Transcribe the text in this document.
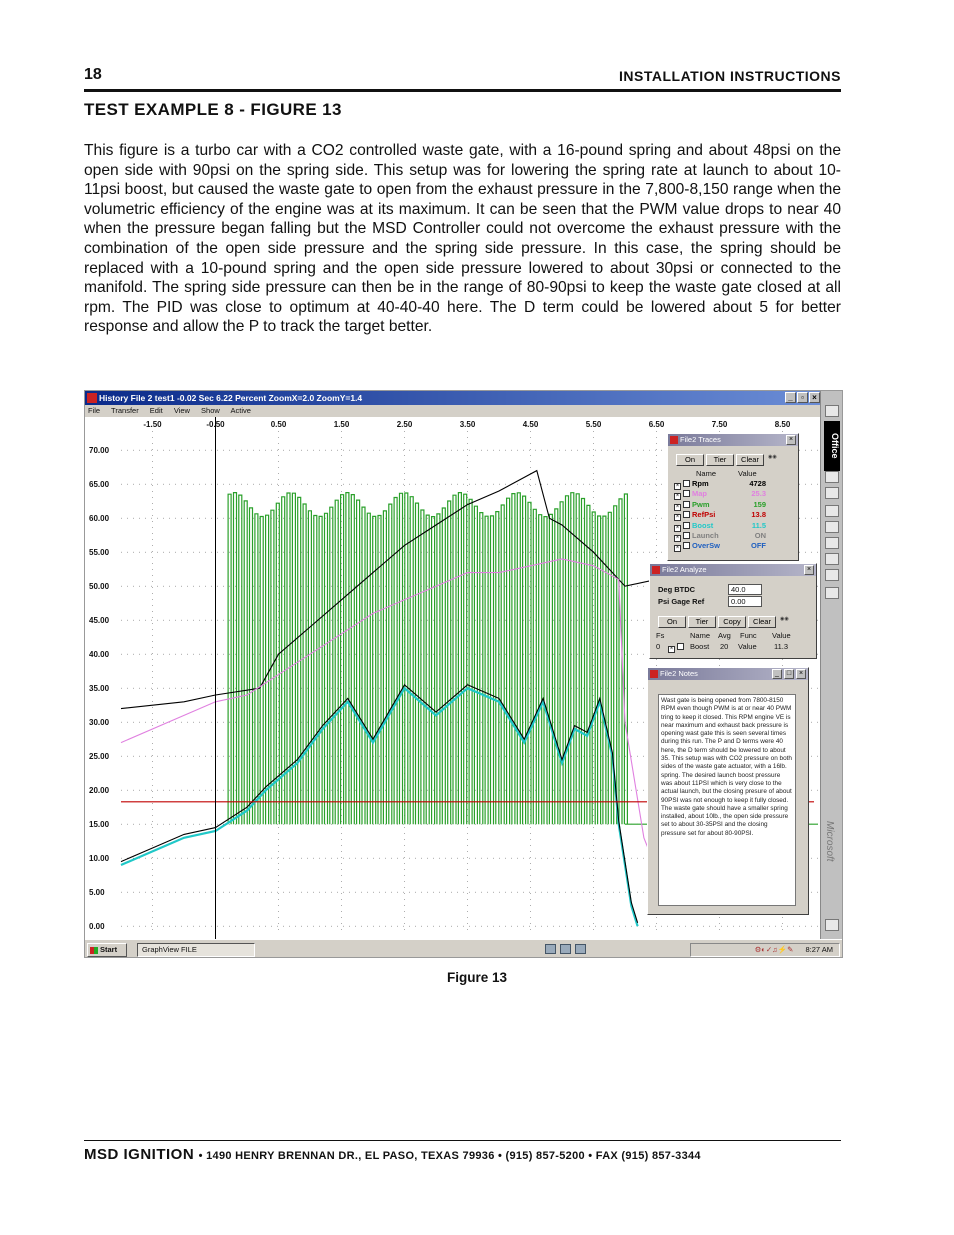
18	INSTALLATION INSTRUCTIONS
TEST EXAMPLE 8 - FIGURE 13

This figure is a turbo car with a CO2 controlled waste gate, with a 16-pound spring and about 48psi on the open side with 90psi on the spring side. This setup was for lowering the spring rate at launch to about 10-11psi boost, but caused the waste gate to open from the exhaust pressure in the 7,800-8,150 range when the volumetric efficiency of the engine was at its maximum. It can be seen that the PWM value drops to near 40 when the pressure began falling but the MSD Controller could not overcome the exhaust pressure with the combination of the open side pressure and the spring side pressure. In this case, the spring should be replaced with a 10-pound spring and the open side pressure lowered to about 30psi or connected to the manifold. The spring side pressure can then be in the range of 80-90psi to keep the waste gate closed at all rpm. The PID was close to optimum at 40-40-40 here. The D term could be lowered about 5 for better response and allow the P to track the target better.

History File 2 test1 -0.02 Sec 6.22 Percent ZoomX=2.0 ZoomY=1.4	_	▫	×
File Transfer Edit View Show Active
-1.50	-0.50	0.50	1.50	2.50	3.50	4.50	5.50	6.50	7.50	8.50
70.00
65.00
60.00
55.00
50.00
45.00
40.00
35.00
30.00
25.00
20.00
15.00
10.00
5.00
0.00
Office
Microsoft
File2 Traces	×
On	Tier	Clear	◉◉
Name	Value
× Rpm	4728
× Map	25.3
× Pwm	159
× RefPsi	13.8
× Boost	11.5
× Launch	ON
× OverSw	OFF
File2 Analyze	×
Deg BTDC	40.0
Psi Gage Ref	0.00
On	Tier	Copy	Clear	◉◉
Fs	Name Avg Func Value
0 ×	Boost 20 Value 11.3
File2 Notes	_	□	×
Wast gate is being opened from 7800-8150 RPM even though PWM is at or near 40 PWM tring to keep it closed. This RPM engine VE is near maximum and exhaust back pressure is opening wast gate this is seen several times during this run. The P and D terms were 40 here, the D term should be lowered to about 35. This setup was with CO2 pressure on both sides of the waste gate actuator, with a 16lb. spring. The desired launch boost pressure was about 11PSI which is very close to the actual launch, but the closing presure of about 90PSI was not enough to keep it fully closed. The waste gate should have a smaller spring installed, about 10lb., the open side pressure set to about 30-35PSI and the closing pressure set for about 80-90PSI.
Start	GraphView FILE	⚙◐✓♫⚡✎ 8:27 AM
Figure 13
MSD IGNITION • 1490 HENRY BRENNAN DR., EL PASO, TEXAS 79936 • (915) 857-5200 • FAX (915) 857-3344
